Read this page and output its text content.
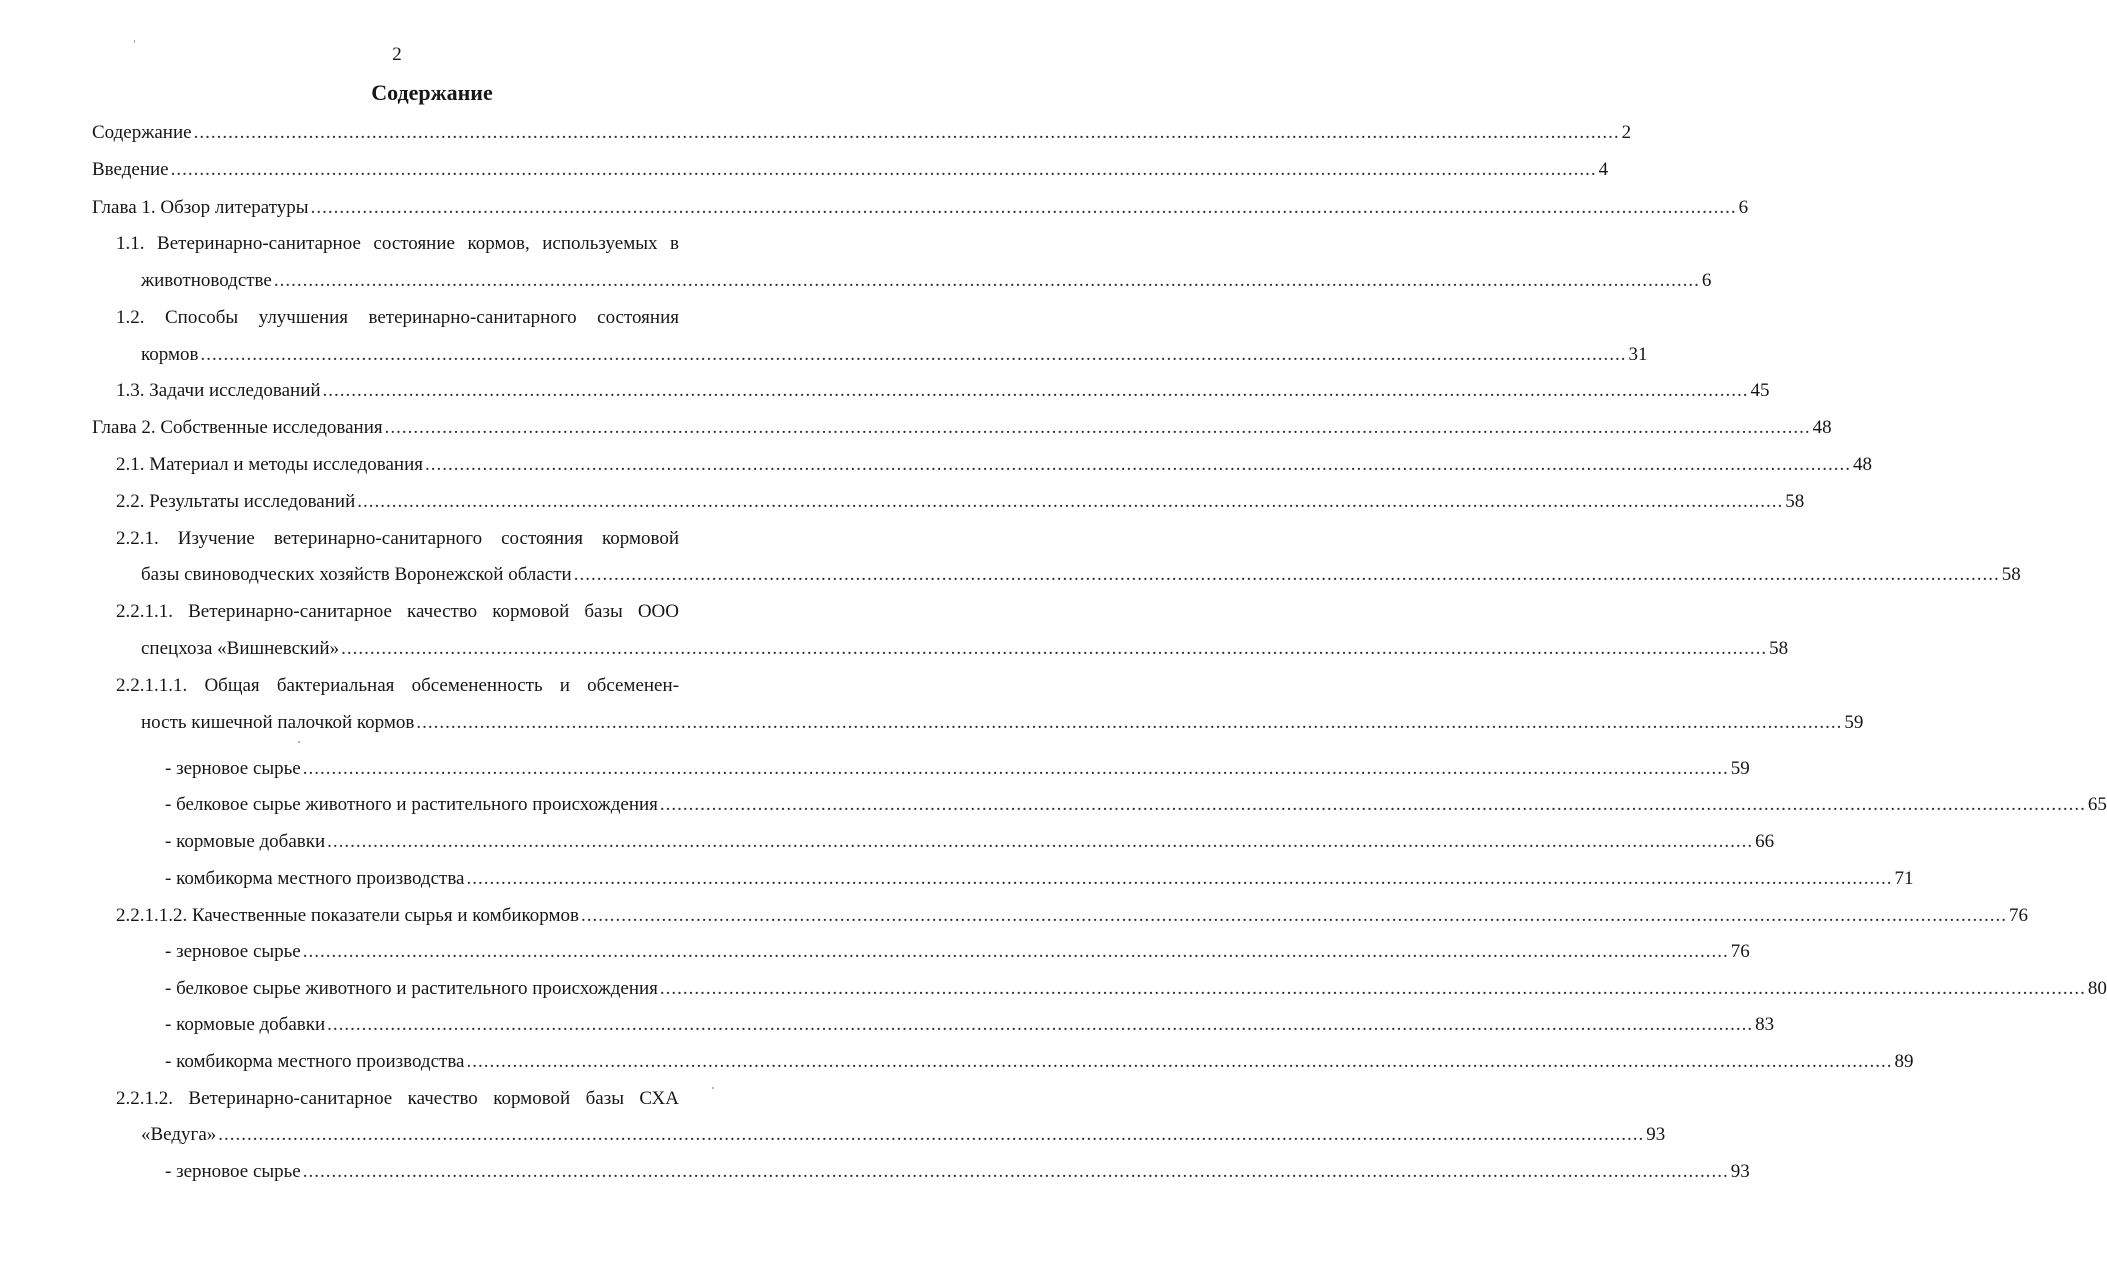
2
Содержание
Содержание ........................................................................................................................................................................................................................................................ 2
Введение ........................................................................................................................................................................................................................................................ 4
Глава 1. Обзор литературы ........................................................................................................................................................................................................................................................ 6
1.1. Ветеринарно-санитарное состояние кормов, используемых в
животноводстве ........................................................................................................................................................................................................................................................ 6
1.2. Способы улучшения ветеринарно-санитарного состояния
кормов ........................................................................................................................................................................................................................................................ 31
1.3. Задачи исследований ........................................................................................................................................................................................................................................................ 45
Глава 2. Собственные исследования ........................................................................................................................................................................................................................................................ 48
2.1. Материал и методы исследования ........................................................................................................................................................................................................................................................ 48
2.2. Результаты исследований ........................................................................................................................................................................................................................................................ 58
2.2.1. Изучение ветеринарно-санитарного состояния кормовой
базы свиноводческих хозяйств Воронежской области ........................................................................................................................................................................................................................................................ 58
2.2.1.1. Ветеринарно-санитарное качество кормовой базы ООО
спецхоза «Вишневский» ........................................................................................................................................................................................................................................................ 58
2.2.1.1.1. Общая бактериальная обсемененность и обсеменен-
ность кишечной палочкой кормов ........................................................................................................................................................................................................................................................ 59
- зерновое сырье ........................................................................................................................................................................................................................................................ 59
- белковое сырье животного и растительного происхождения ........................................................................................................................................................................................................................................................ 65
- кормовые добавки ........................................................................................................................................................................................................................................................ 66
- комбикорма местного производства ........................................................................................................................................................................................................................................................ 71
2.2.1.1.2. Качественные показатели сырья и комбикормов ........................................................................................................................................................................................................................................................ 76
- зерновое сырье ........................................................................................................................................................................................................................................................ 76
- белковое сырье животного и растительного происхождения ........................................................................................................................................................................................................................................................ 80
- кормовые добавки ........................................................................................................................................................................................................................................................ 83
- комбикорма местного производства ........................................................................................................................................................................................................................................................ 89
2.2.1.2. Ветеринарно-санитарное качество кормовой базы СХА
«Ведуга» ........................................................................................................................................................................................................................................................ 93
- зерновое сырье ........................................................................................................................................................................................................................................................ 93
